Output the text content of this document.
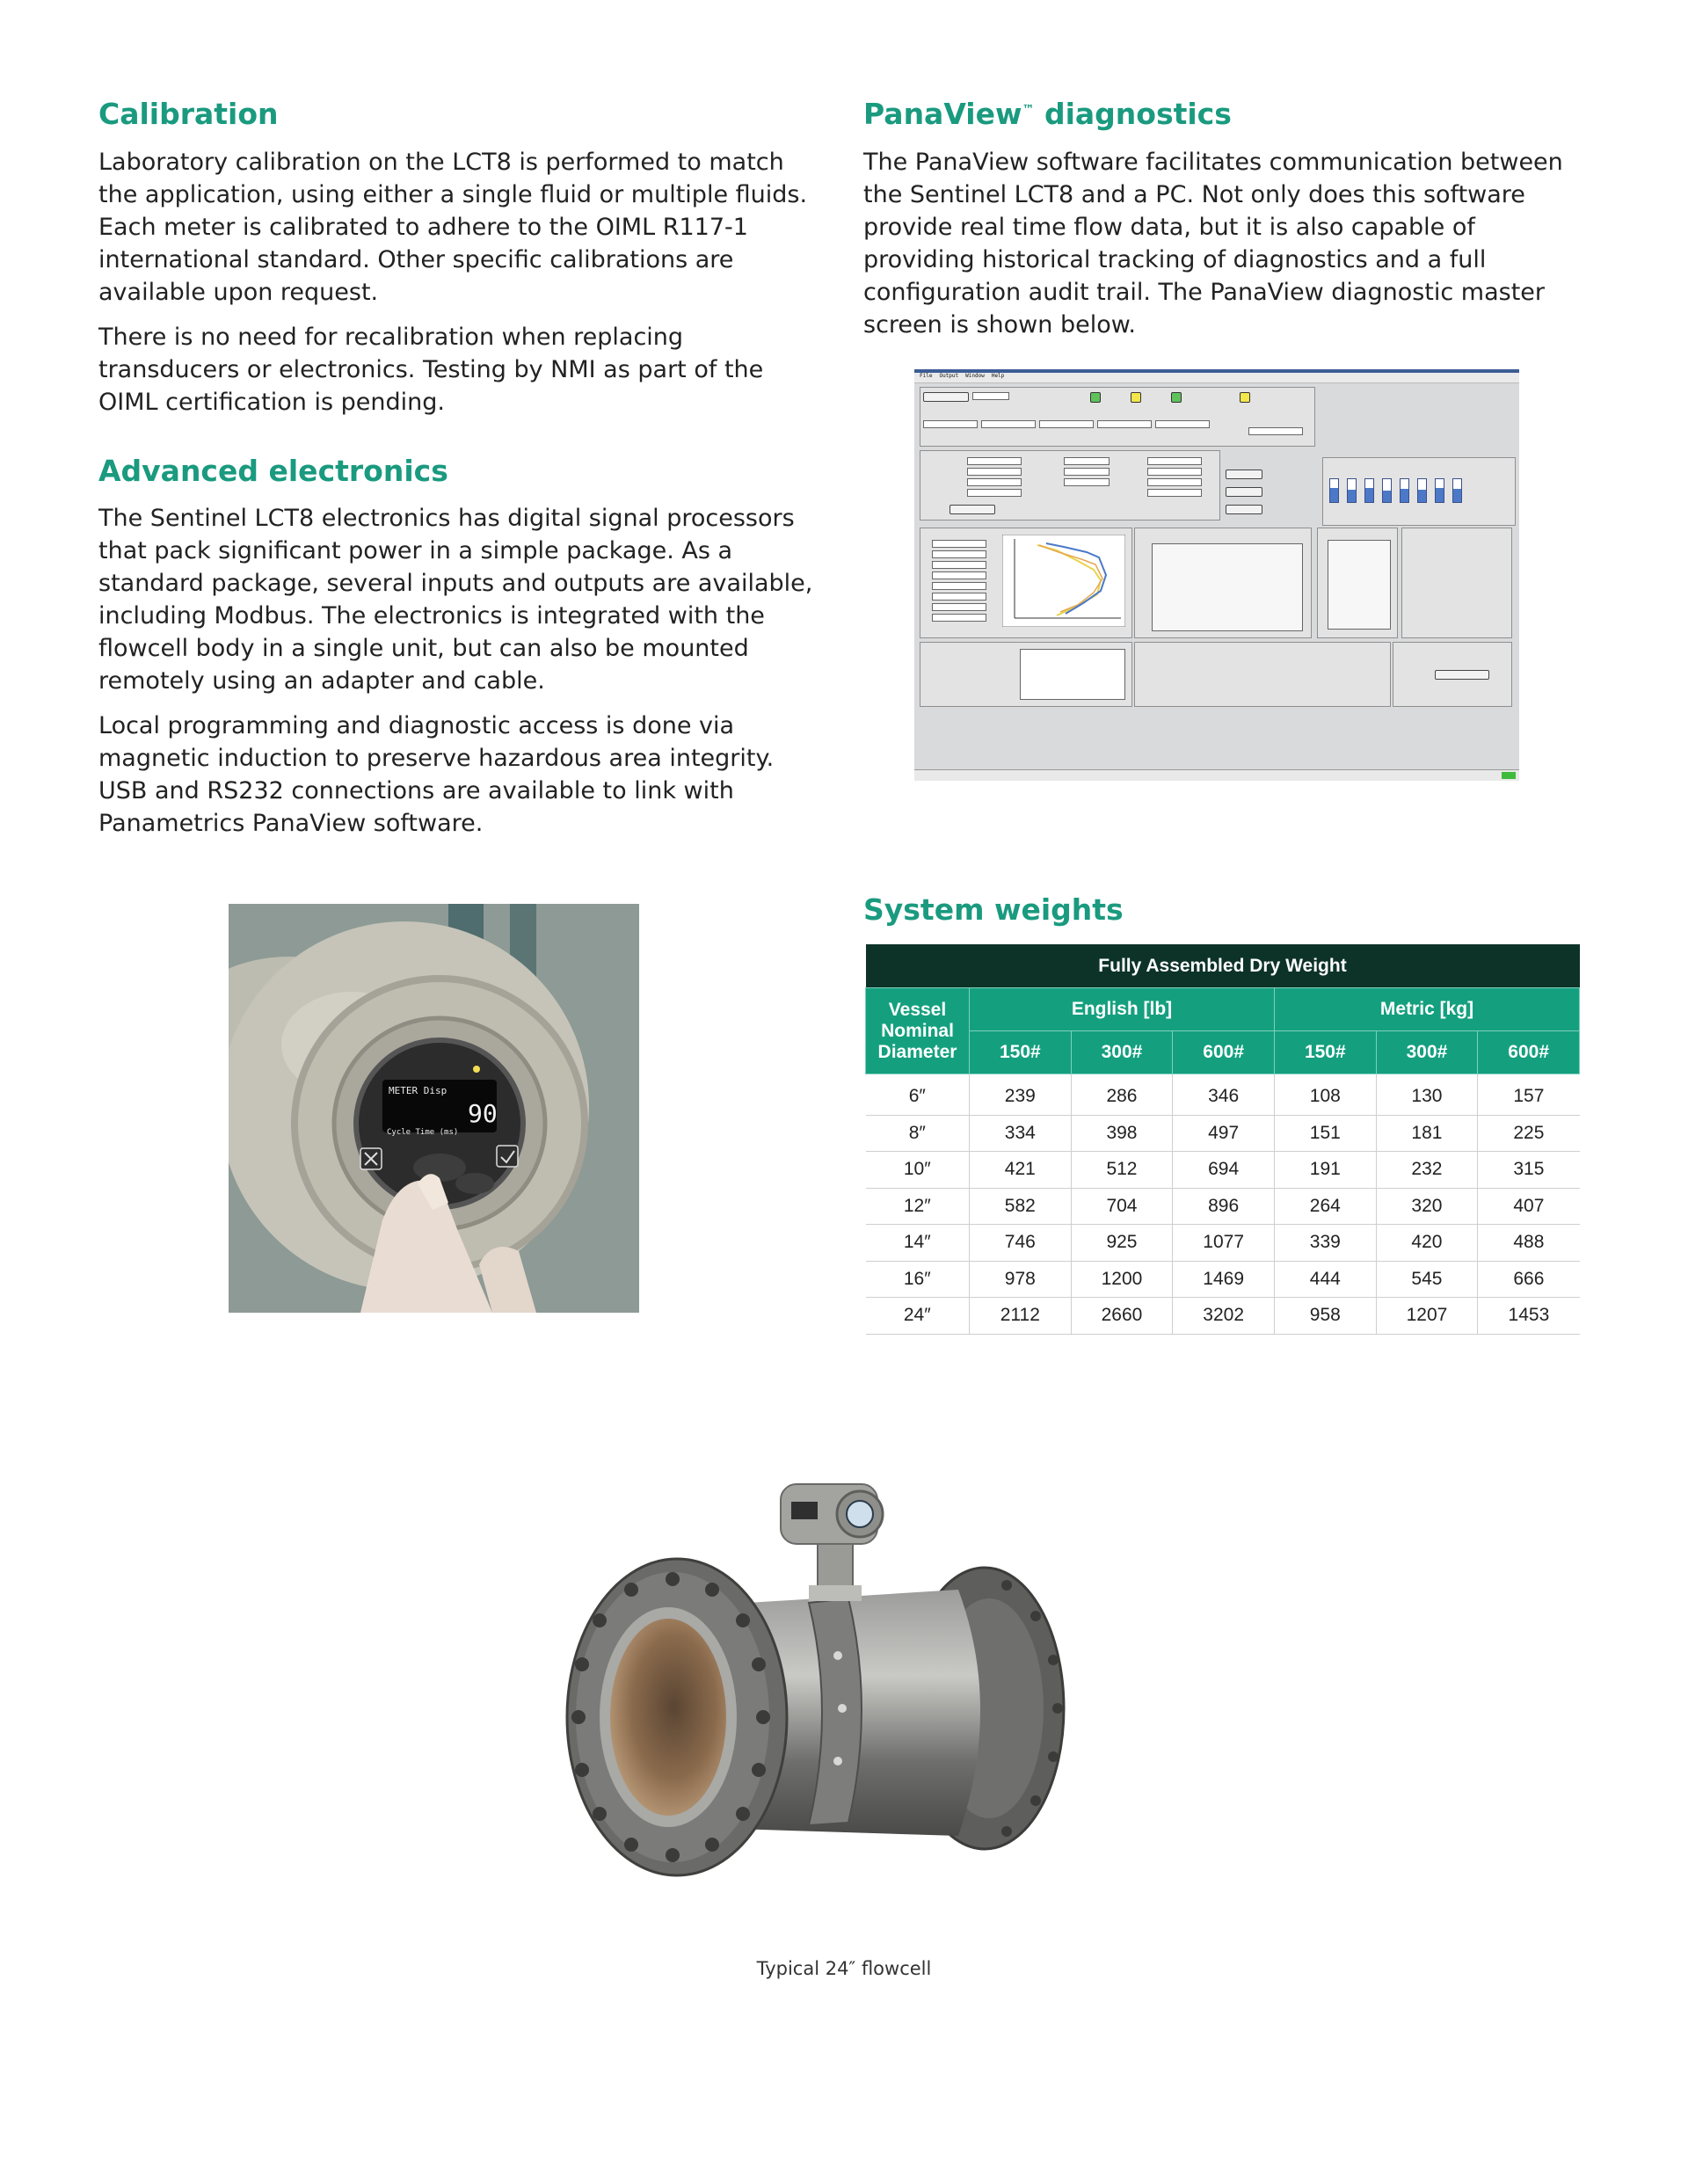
Calibration

Laboratory calibration on the LCT8 is performed to match the application, using either a single fluid or multiple fluids. Each meter is calibrated to adhere to the OIML R117-1 international standard. Other specific calibrations are available upon request.

There is no need for recalibration when replacing transducers or electronics. Testing by NMI as part of the OIML certification is pending.

Advanced electronics

The Sentinel LCT8 electronics has digital signal processors that pack significant power in a simple package. As a standard package, several inputs and outputs are available, including Modbus. The electronics is integrated with the flowcell body in a single unit, but can also be mounted remotely using an adapter and cable.

Local programming and diagnostic access is done via magnetic induction to preserve hazardous area integrity. USB and RS232 connections are available to link with Panametrics PanaView software.

PanaView™ diagnostics

The PanaView software facilitates communication between the Sentinel LCT8 and a PC. Not only does this software provide real time flow data, but it is also capable of providing historical tracking of diagnostics and a full configuration audit trail. The PanaView diagnostic master screen is shown below.

File Output Window Help
METER Disp
90
Cycle Time (ms)
System weights
Fully Assembled Dry Weight						
Vessel
Nominal
Diameter	English [lb]			Metric [kg]		
	150#	300#	600#	150#	300#	600#
6″	239	286	346	108	130	157
8″	334	398	497	151	181	225
10″	421	512	694	191	232	315
12″	582	704	896	264	320	407
14″	746	925	1077	339	420	488
16″	978	1200	1469	444	545	666
24″	2112	2660	3202	958	1207	1453
Typical 24″ flowcell
